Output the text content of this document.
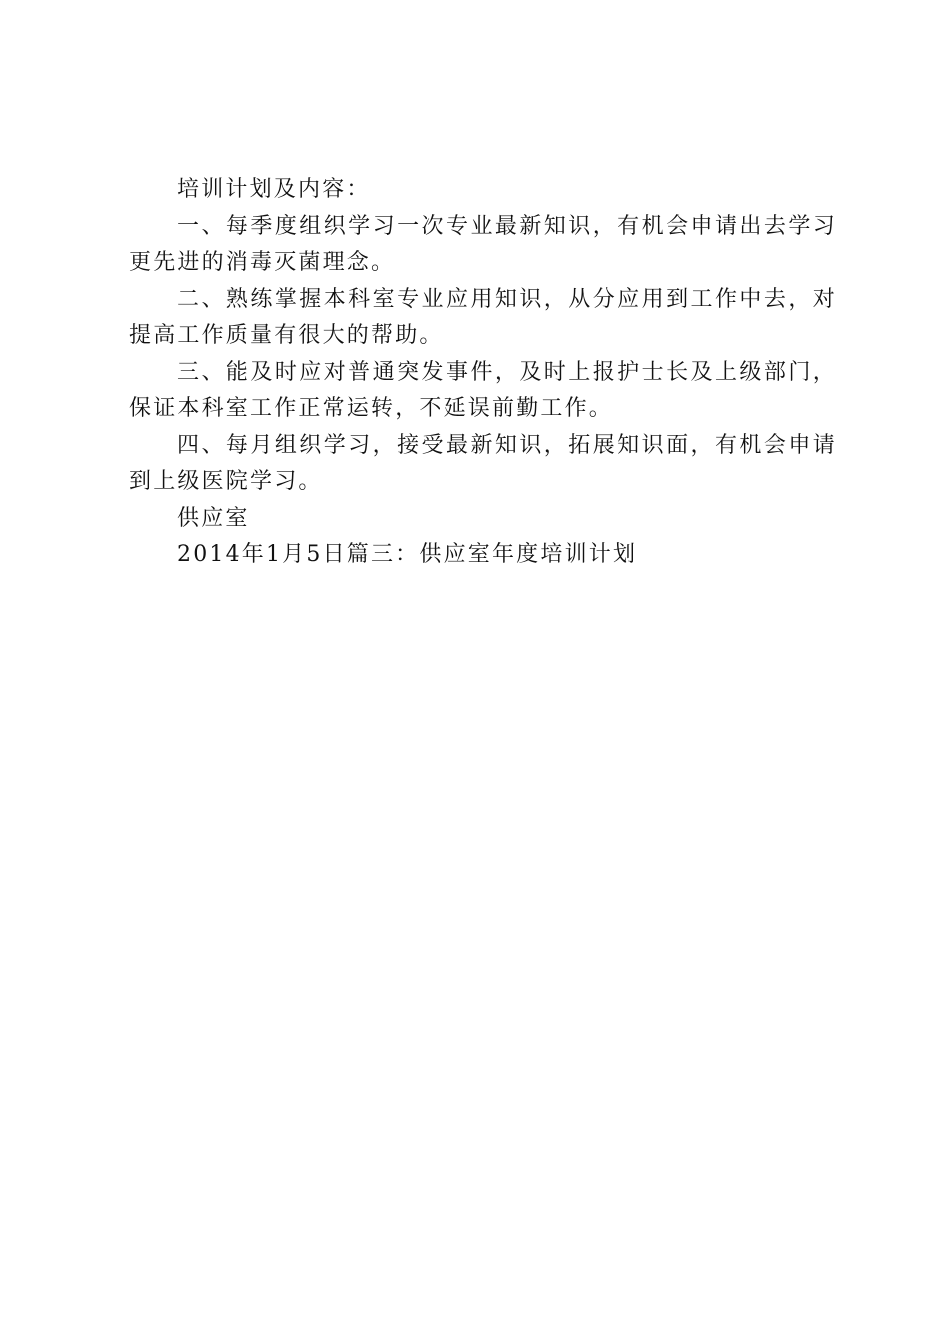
培训计划及内容：

一、每季度组织学习一次专业最新知识，有机会申请出去学习更先进的消毒灭菌理念。

二、熟练掌握本科室专业应用知识，从分应用到工作中去，对提高工作质量有很大的帮助。

三、能及时应对普通突发事件，及时上报护士长及上级部门，保证本科室工作正常运转，不延误前勤工作。

四、每月组织学习，接受最新知识，拓展知识面，有机会申请到上级医院学习。

供应室

2014年1月5日篇三：供应室年度培训计划
